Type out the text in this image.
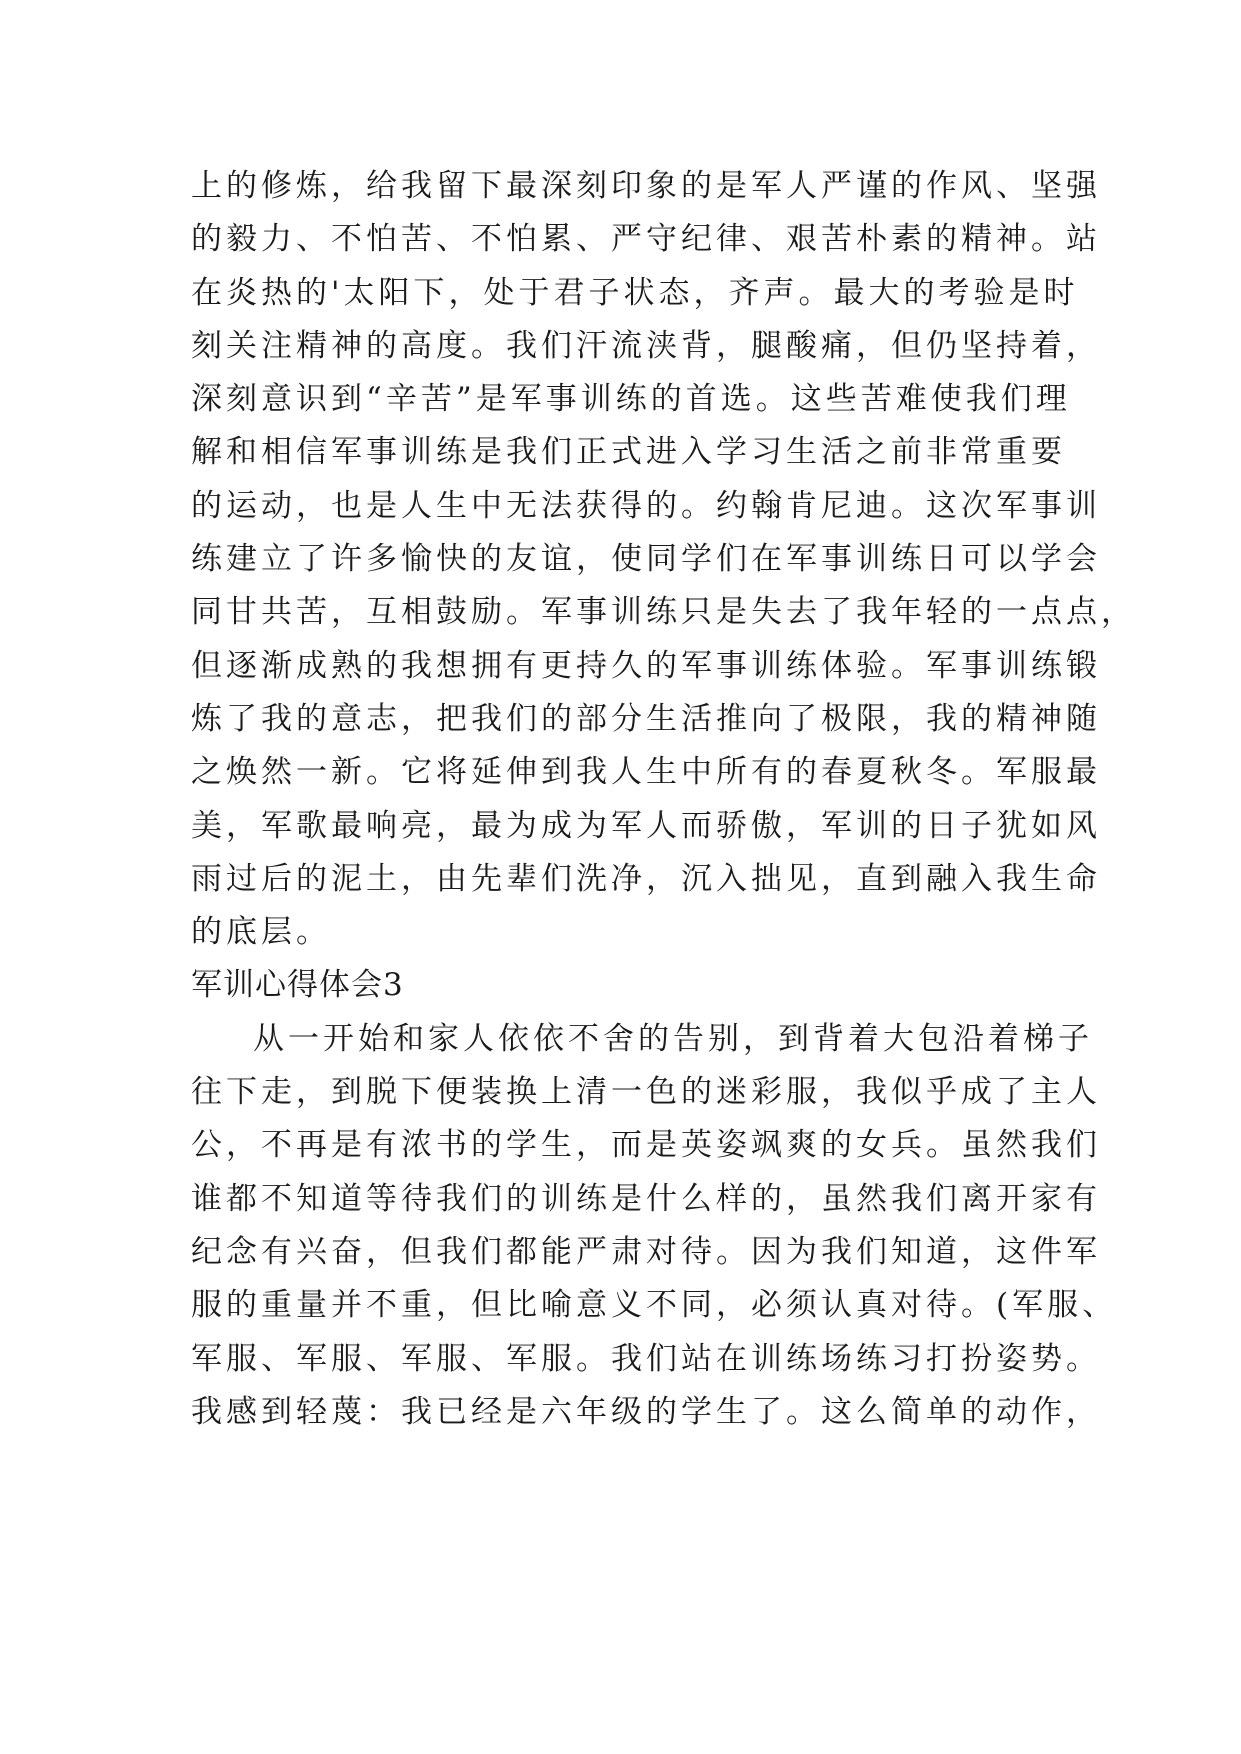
上的修炼，给我留下最深刻印象的是军人严谨的作风、坚强
的毅力、不怕苦、不怕累、严守纪律、艰苦朴素的精神。站
在炎热的'太阳下，处于君子状态，齐声。最大的考验是时
刻关注精神的高度。我们汗流浃背，腿酸痛，但仍坚持着，
深刻意识到“辛苦”是军事训练的首选。这些苦难使我们理
解和相信军事训练是我们正式进入学习生活之前非常重要
的运动，也是人生中无法获得的。约翰肯尼迪。这次军事训
练建立了许多愉快的友谊，使同学们在军事训练日可以学会
同甘共苦，互相鼓励。军事训练只是失去了我年轻的一点点，
但逐渐成熟的我想拥有更持久的军事训练体验。军事训练锻
炼了我的意志，把我们的部分生活推向了极限，我的精神随
之焕然一新。它将延伸到我人生中所有的春夏秋冬。军服最
美，军歌最响亮，最为成为军人而骄傲，军训的日子犹如风
雨过后的泥土，由先辈们洗净，沉入拙见，直到融入我生命
的底层。
军训心得体会3
从一开始和家人依依不舍的告别，到背着大包沿着梯子
往下走，到脱下便装换上清一色的迷彩服，我似乎成了主人
公，不再是有浓书的学生，而是英姿飒爽的女兵。虽然我们
谁都不知道等待我们的训练是什么样的，虽然我们离开家有
纪念有兴奋，但我们都能严肃对待。因为我们知道，这件军
服的重量并不重，但比喻意义不同，必须认真对待。(军服、
军服、军服、军服、军服。我们站在训练场练习打扮姿势。
我感到轻蔑：我已经是六年级的学生了。这么简单的动作，
